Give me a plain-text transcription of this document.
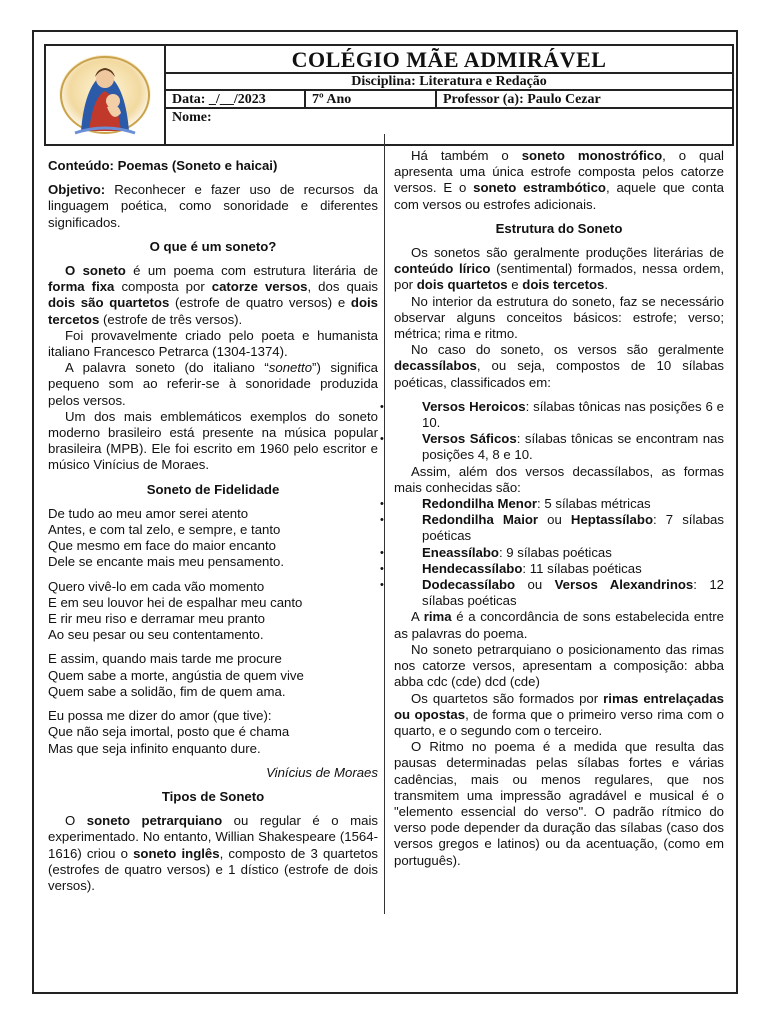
COLÉGIO MÃE ADMIRÁVEL
Disciplina: Literatura e Redação
Data: _/__/2023	7º Ano	Professor (a): Paulo Cezar
Nome:

Conteúdo: Poemas (Soneto e haicai)

Objetivo: Reconhecer e fazer uso de recursos da linguagem poética, como sonoridade e diferentes significados.

O que é um soneto?

O soneto é um poema com estrutura literária de forma fixa composta por catorze versos, dos quais dois são quartetos (estrofe de quatro versos) e dois tercetos (estrofe de três versos).

Foi provavelmente criado pelo poeta e humanista italiano Francesco Petrarca (1304-1374).

A palavra soneto (do italiano “sonetto”) significa pequeno som ao referir-se à sonoridade produzida pelos versos.

Um dos mais emblemáticos exemplos do soneto moderno brasileiro está presente na música popular brasileira (MPB). Ele foi escrito em 1960 pelo escritor e músico Vinícius de Moraes.

Soneto de Fidelidade

De tudo ao meu amor serei atento

Antes, e com tal zelo, e sempre, e tanto

Que mesmo em face do maior encanto

Dele se encante mais meu pensamento.

Quero vivê-lo em cada vão momento

E em seu louvor hei de espalhar meu canto

E rir meu riso e derramar meu pranto

Ao seu pesar ou seu contentamento.

E assim, quando mais tarde me procure

Quem sabe a morte, angústia de quem vive

Quem sabe a solidão, fim de quem ama.

Eu possa me dizer do amor (que tive):

Que não seja imortal, posto que é chama

Mas que seja infinito enquanto dure.

Vinícius de Moraes

Tipos de Soneto

O soneto petrarquiano ou regular é o mais experimentado. No entanto, Willian Shakespeare (1564-1616) criou o soneto inglês, composto de 3 quartetos (estrofes de quatro versos) e 1 dístico (estrofe de dois versos).

Há também o soneto monostrófico, o qual apresenta uma única estrofe composta pelos catorze versos. E o soneto estrambótico, aquele que conta com versos ou estrofes adicionais.

Estrutura do Soneto

Os sonetos são geralmente produções literárias de conteúdo lírico (sentimental) formados, nessa ordem, por dois quartetos e dois tercetos.

No interior da estrutura do soneto, faz se necessário observar alguns conceitos básicos: estrofe; verso; métrica; rima e ritmo.

No caso do soneto, os versos são geralmente decassílabos, ou seja, compostos de 10 sílabas poéticas, classificados em:

• Versos Heroicos: sílabas tônicas nas posições 6 e 10.

• Versos Sáficos: sílabas tônicas se encontram nas posições 4, 8 e 10.

Assim, além dos versos decassílabos, as formas mais conhecidas são:

• Redondilha Menor: 5 sílabas métricas

• Redondilha Maior ou Heptassílabo: 7 sílabas poéticas

• Eneassílabo: 9 sílabas poéticas

• Hendecassílabo: 11 sílabas poéticas

• Dodecassílabo ou Versos Alexandrinos: 12 sílabas poéticas

A rima é a concordância de sons estabelecida entre as palavras do poema.

No soneto petrarquiano o posicionamento das rimas nos catorze versos, apresentam a composição: abba abba cdc (cde) dcd (cde)

Os quartetos são formados por rimas entrelaçadas ou opostas, de forma que o primeiro verso rima com o quarto, e o segundo com o terceiro.

O Ritmo no poema é a medida que resulta das pausas determinadas pelas sílabas fortes e várias cadências, mais ou menos regulares, que nos transmitem uma impressão agradável e musical é o "elemento essencial do verso". O padrão rítmico do verso pode depender da duração das sílabas (caso dos versos gregos e latinos) ou da acentuação, (como em português).
